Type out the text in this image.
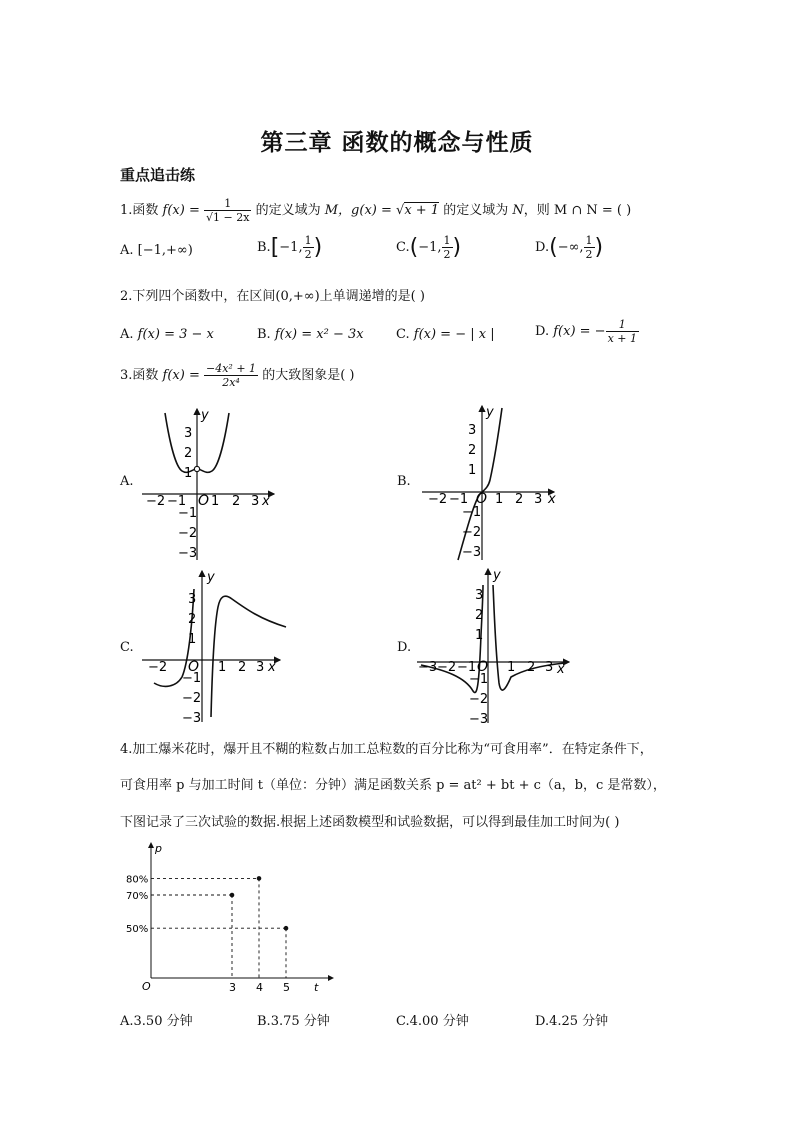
第三章 函数的概念与性质
重点追击练
1.函数 $f(x) = \frac{1}{√1 - 2x}$ 的定义域为 M，g(x) = √x + 1 的定义域为 N，则 M ∩ N = ( )
A. [−1,+∞)	B.[−1, $\frac{1}{2}$ )	C.(−1, $\frac{1}{2}$ )	D.(−∞, $\frac{1}{2}$ )
2.下列四个函数中，在区间(0,+∞)上单调递增的是( )
A. f(x) = 3 − x	B. f(x) = x² − 3x C. f(x) = − | x |	D. f(x) = − $\frac{1}{x + 1}$
3.函数 $f(x) = \frac{\text{−4x² + 1}}{\text{2x⁴}}$ 的大致图象是( )
A.	B.
C.	D.
y
x
O
−2 −1 1 2 3
3
2
1
−1
−2
−3
y
x
O
−2 −1 1 2 3
3
2
1
−1
−2
−3
y
x
O
−2	1 2 3
3
2
1
−1
−2
−3
y
x
O
−3 −2 −1 1 2 3
3
2
1
−1
−2
−3
4.加工爆米花时，爆开且不糊的粒数占加工总粒数的百分比称为“可食用率”．在特定条件下，
可食用率 p 与加工时间 t（单位：分钟）满足函数关系 p = at² + bt + c（a，b，c 是常数），
下图记录了三次试验的数据.根据上述函数模型和试验数据，可以得到最佳加工时间为( )
p
t
O	3 4 5
80%
70%
50%
A.3.50 分钟	B.3.75 分钟	C.4.00 分钟	D.4.25 分钟
